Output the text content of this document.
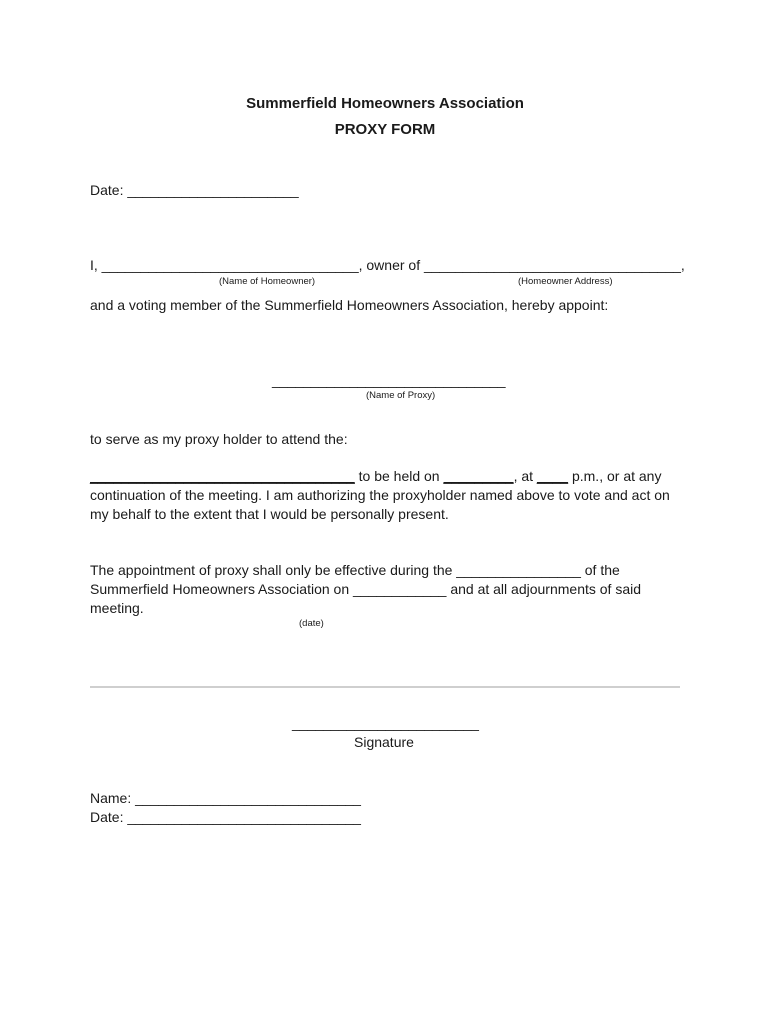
Summerfield Homeowners Association
PROXY FORM
Date: ______________________
I, _________________________________, owner of _________________________________,
(Name of Homeowner)	(Homeowner Address)
and a voting member of the Summerfield Homeowners Association, hereby appoint:
______________________________
(Name of Proxy)
to serve as my proxy holder to attend the:
__________________________________ to be held on _________, at ____ p.m., or at any
continuation of the meeting. I am authorizing the proxyholder named above to vote and act on
my behalf to the extent that I would be personally present.
The appointment of proxy shall only be effective during the ________________ of the
Summerfield Homeowners Association on ____________ and at all adjournments of said
meeting.
(date)
________________________
Signature
Name: _____________________________
Date: ______________________________
